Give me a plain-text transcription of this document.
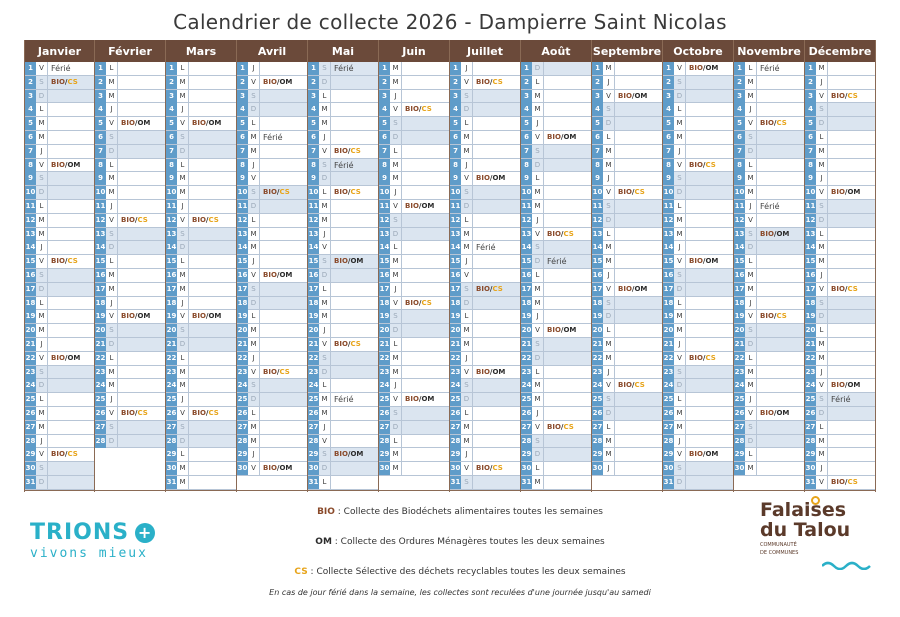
Calendrier de collecte 2026 - Dampierre Saint Nicolas
Janvier
1 V Férié
2 S	BIO/CS
3 D
4 L
5 M
6 M
7	J
8 V	BIO/OM
9 S
10 D
11 L
12 M
13 M
14 J
15 V	BIO/CS
16 S
17 D
18 L
19 M
20 M
21 J
22 V	BIO/OM
23 S
24 D
25 L
26 M
27 M
28 J
29 V	BIO/CS
30 S
31 D
Février
1 L
2 M
3 M
4	J
5 V	BIO/OM
6 S
7 D
8 L
9 M
10 M
11 J
12 V	BIO/CS
13 S
14 D
15 L
16 M
17 M
18 J
19 V	BIO/OM
20 S
21 D
22 L
23 M
24 M
25 J
26 V	BIO/CS
27 S
28 D
Mars
1 L
2 M
3 M
4	J
5 V	BIO/OM
6 S
7 D
8 L
9 M
10 M
11 J
12 V	BIO/CS
13 S
14 D
15 L
16 M
17 M
18 J
19 V	BIO/OM
20 S
21 D
22 L
23 M
24 M
25 J
26 V	BIO/CS
27 S
28 D
29 L
30 M
31 M
Avril
1	J
2 V	BIO/OM
3 S
4 D
5 L
6 M Férié
7 M
8	J
9 V
10 S	BIO/CS
11 D
12 L
13 M
14 M
15 J
16 V	BIO/OM
17 S
18 D
19 L
20 M
21 M
22 J
23 V	BIO/CS
24 S
25 D
26 L
27 M
28 M
29 J
30 V	BIO/OM
Mai
1 S Férié
2 D
3 L
4 M
5 M
6	J
7 V	BIO/CS
8 S Férié
9 D
10 L	BIO/CS
11 M
12 M
13 J
14 V
15 S	BIO/OM
16 D
17 L
18 M
19 M
20 J
21 V	BIO/CS
22 S
23 D
24 L
25 M Férié
26 M
27 J
28 V
29 S	BIO/OM
30 D
31 L
Juin
1 M
2 M
3	J
4 V	BIO/CS
5 S
6 D
7 L
8 M
9 M
10 J
11 V	BIO/OM
12 S
13 D
14 L
15 M
16 M
17 J
18 V	BIO/CS
19 S
20 D
21 L
22 M
23 M
24 J
25 V	BIO/OM
26 S
27 D
28 L
29 M
30 M
Juillet
1	J
2 V	BIO/CS
3 S
4 D
5 L
6 M
7 M
8	J
9 V	BIO/OM
10 S
11 D
12 L
13 M
14 M Férié
15 J
16 V
17 S	BIO/CS
18 D
19 L
20 M
21 M
22 J
23 V	BIO/OM
24 S
25 D
26 L
27 M
28 M
29 J
30 V	BIO/CS
31 S
Août
1 D
2 L
3 M
4 M
5	J
6 V	BIO/OM
7 S
8 D
9 L
10 M
11 M
12 J
13 V	BIO/CS
14 S
15 D Férié
16 L
17 M
18 M
19 J
20 V	BIO/OM
21 S
22 D
23 L
24 M
25 M
26 J
27 V	BIO/CS
28 S
29 D
30 L
31 M
Septembre
1 M
2	J
3 V	BIO/OM
4 S
5 D
6 L
7 M
8 M
9	J
10 V	BIO/CS
11 S
12 D
13 L
14 M
15 M
16 J
17 V	BIO/OM
18 S
19 D
20 L
21 M
22 M
23 J
24 V	BIO/CS
25 S
26 D
27 L
28 M
29 M
30 J
Octobre
1 V	BIO/OM
2 S
3 D
4 L
5 M
6 M
7	J
8 V	BIO/CS
9 S
10 D
11 L
12 M
13 M
14 J
15 V	BIO/OM
16 S
17 D
18 L
19 M
20 M
21 J
22 V	BIO/CS
23 S
24 D
25 L
26 M
27 M
28 J
29 V	BIO/OM
30 S
31 D
Novembre
1 L Férié
2 M
3 M
4	J
5 V	BIO/CS
6 S
7 D
8 L
9 M
10 M
11 J	Férié
12 V
13 S	BIO/OM
14 D
15 L
16 M
17 M
18 J
19 V	BIO/CS
20 S
21 D
22 L
23 M
24 M
25 J
26 V	BIO/OM
27 S
28 D
29 L
30 M
Décembre
1 M
2	J
3 V	BIO/CS
4 S
5 D
6 L
7 M
8 M
9	J
10 V	BIO/OM
11 S
12 D
13 L
14 M
15 M
16 J
17 V	BIO/CS
18 S
19 D
20 L
21 M
22 M
23 J
24 V	BIO/OM
25 S Férié
26 D
27 L
28 M
29 M
30 J
31 V	BIO/CS
TRIONS +
vivons mieux
BIO : Collecte des Biodéchets alimentaires toutes les semaines
OM : Collecte des Ordures Ménagères toutes les deux semaines
CS : Collecte Sélective des déchets recyclables toutes les deux semaines
En cas de jour férié dans la semaine, les collectes sont reculées d'une journée jusqu'au samedi
Falaises
du Talou
COMMUNAUTÉ
DE COMMUNES
